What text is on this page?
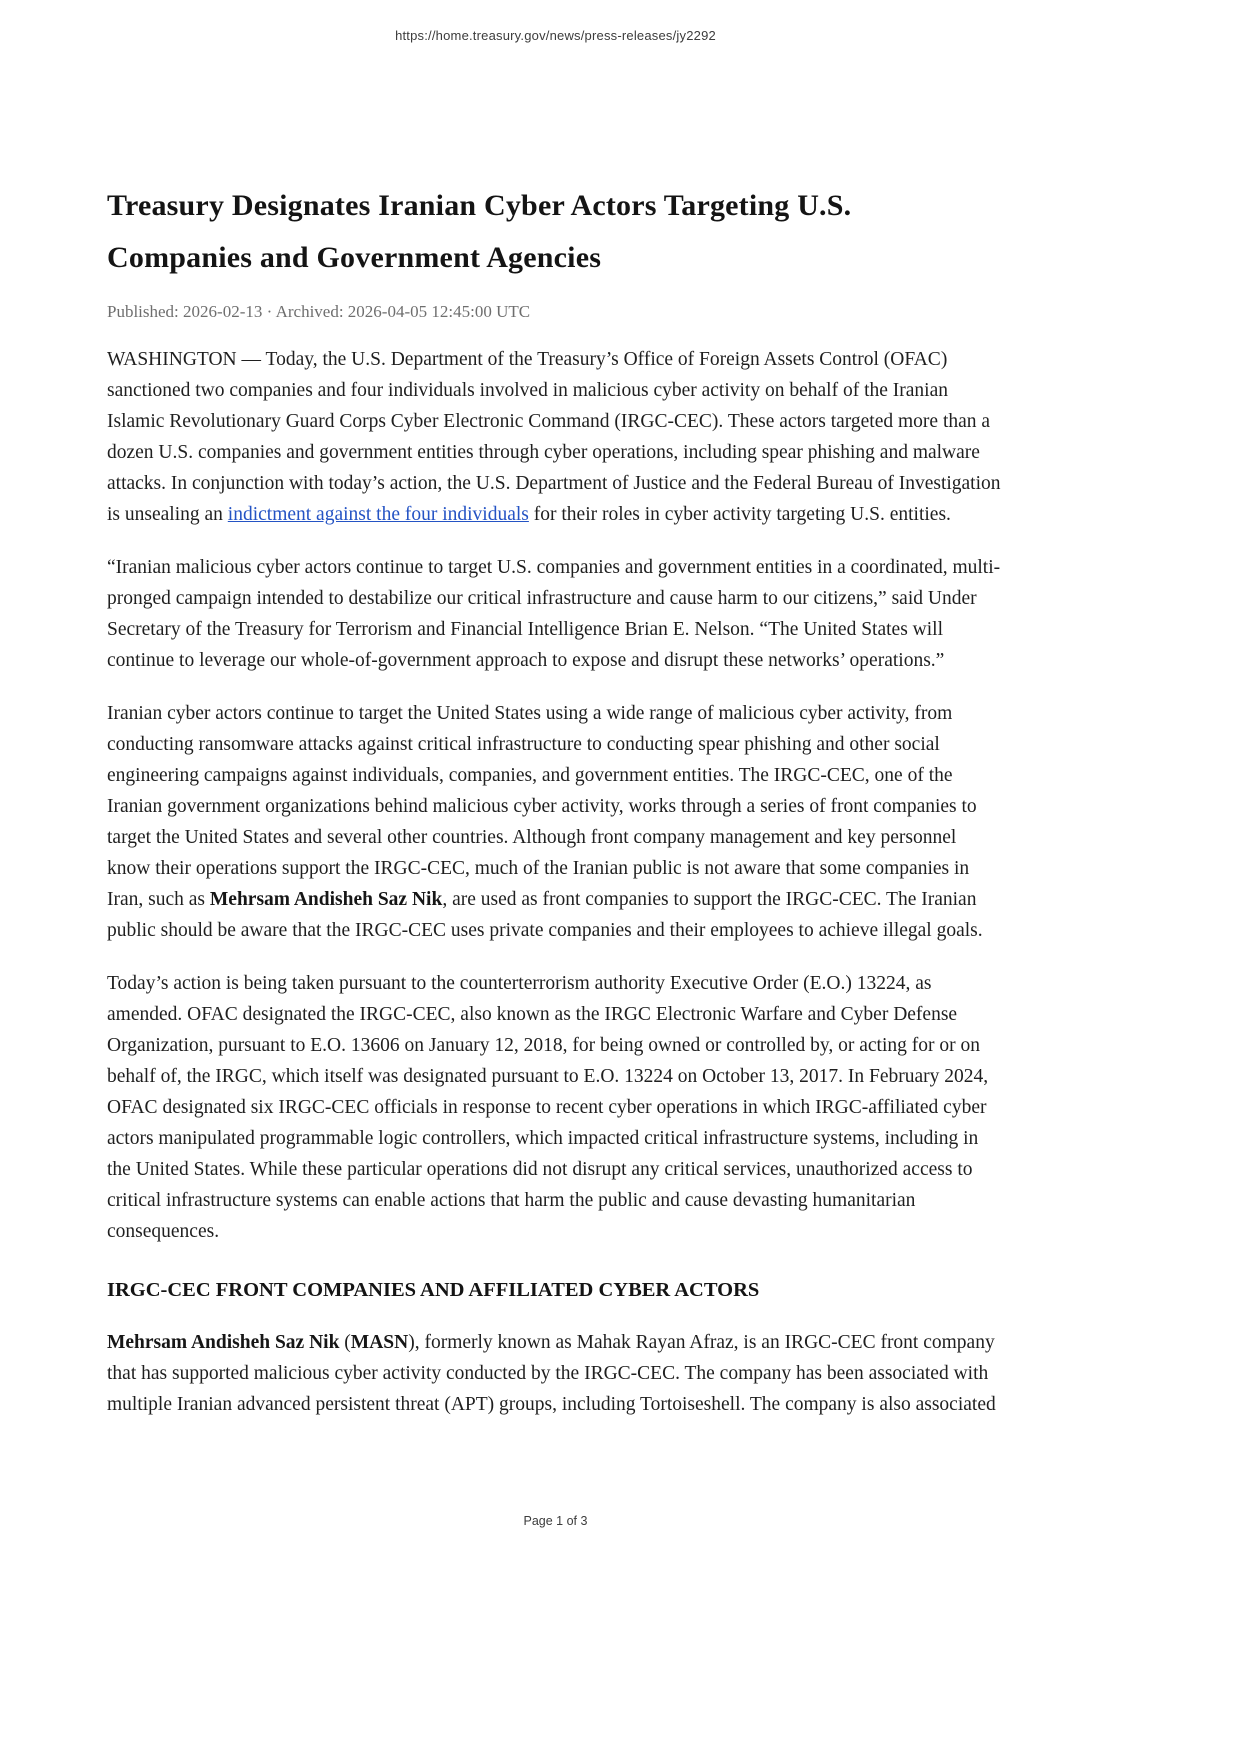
https://home.treasury.gov/news/press-releases/jy2292
Treasury Designates Iranian Cyber Actors Targeting U.S. Companies and Government Agencies
Published: 2026-02-13 · Archived: 2026-04-05 12:45:00 UTC

WASHINGTON — Today, the U.S. Department of the Treasury’s Office of Foreign Assets Control (OFAC) sanctioned two companies and four individuals involved in malicious cyber activity on behalf of the Iranian Islamic Revolutionary Guard Corps Cyber Electronic Command (IRGC-CEC). These actors targeted more than a dozen U.S. companies and government entities through cyber operations, including spear phishing and malware attacks. In conjunction with today’s action, the U.S. Department of Justice and the Federal Bureau of Investigation is unsealing an indictment against the four individuals for their roles in cyber activity targeting U.S. entities.

“Iranian malicious cyber actors continue to target U.S. companies and government entities in a coordinated, multi-pronged campaign intended to destabilize our critical infrastructure and cause harm to our citizens,” said Under Secretary of the Treasury for Terrorism and Financial Intelligence Brian E. Nelson. “The United States will continue to leverage our whole-of-government approach to expose and disrupt these networks’ operations.”

Iranian cyber actors continue to target the United States using a wide range of malicious cyber activity, from conducting ransomware attacks against critical infrastructure to conducting spear phishing and other social engineering campaigns against individuals, companies, and government entities. The IRGC-CEC, one of the Iranian government organizations behind malicious cyber activity, works through a series of front companies to target the United States and several other countries. Although front company management and key personnel know their operations support the IRGC-CEC, much of the Iranian public is not aware that some companies in Iran, such as Mehrsam Andisheh Saz Nik, are used as front companies to support the IRGC-CEC. The Iranian public should be aware that the IRGC-CEC uses private companies and their employees to achieve illegal goals.

Today’s action is being taken pursuant to the counterterrorism authority Executive Order (E.O.) 13224, as amended. OFAC designated the IRGC-CEC, also known as the IRGC Electronic Warfare and Cyber Defense Organization, pursuant to E.O. 13606 on January 12, 2018, for being owned or controlled by, or acting for or on behalf of, the IRGC, which itself was designated pursuant to E.O. 13224 on October 13, 2017. In February 2024, OFAC designated six IRGC-CEC officials in response to recent cyber operations in which IRGC-affiliated cyber actors manipulated programmable logic controllers, which impacted critical infrastructure systems, including in the United States. While these particular operations did not disrupt any critical services, unauthorized access to critical infrastructure systems can enable actions that harm the public and cause devasting humanitarian consequences.

IRGC-CEC FRONT COMPANIES AND AFFILIATED CYBER ACTORS

Mehrsam Andisheh Saz Nik (MASN), formerly known as Mahak Rayan Afraz, is an IRGC-CEC front company that has supported malicious cyber activity conducted by the IRGC-CEC. The company has been associated with multiple Iranian advanced persistent threat (APT) groups, including Tortoiseshell. The company is also associated

Page 1 of 3
